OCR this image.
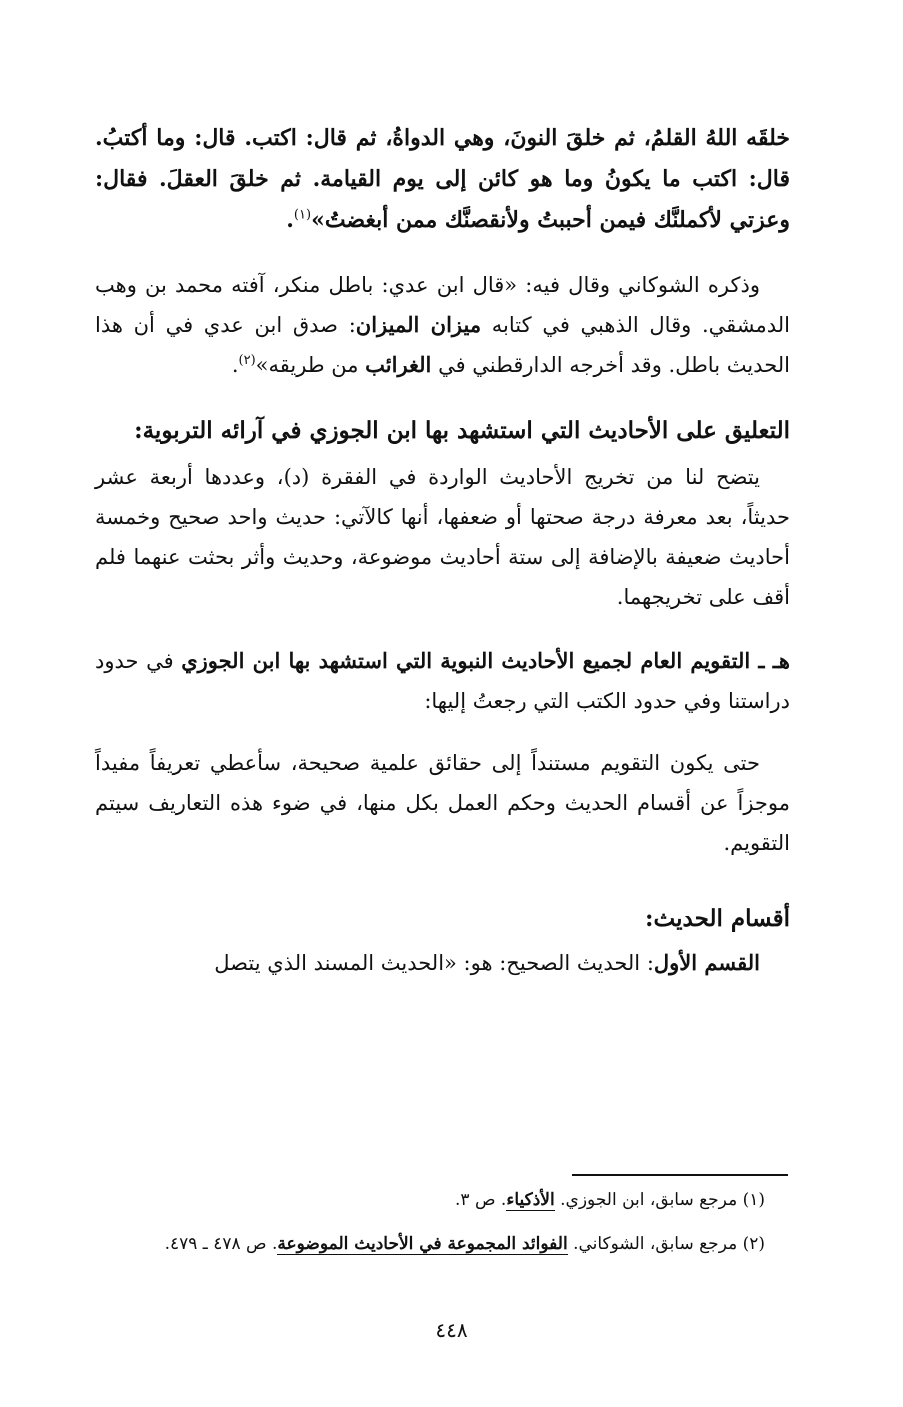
خلقَه اللهُ القلمُ، ثم خلقَ النونَ، وهي الدواةُ، ثم قال: اكتب. قال: وما أكتبُ. قال: اكتب ما يكونُ وما هو كائن إلى يوم القيامة. ثم خلقَ العقلَ. فقال: وعزتي لأكملنَّك فيمن أحببتُ ولأنقصنَّك ممن أبغضتُ»$^{(١)}$.

وذكره الشوكاني وقال فيه: «قال ابن عدي: باطل منكر، آفته محمد بن وهب الدمشقي. وقال الذهبي في كتابه ميزان الميزان: صدق ابن عدي في أن هذا الحديث باطل. وقد أخرجه الدارقطني في الغرائب من طريقه»$^{(٢)}$.

التعليق على الأحاديث التي استشهد بها ابن الجوزي في آرائه التربوية:

يتضح لنا من تخريج الأحاديث الواردة في الفقرة (د)، وعددها أربعة عشر حديثاً، بعد معرفة درجة صحتها أو ضعفها، أنها كالآتي: حديث واحد صحيح وخمسة أحاديث ضعيفة بالإضافة إلى ستة أحاديث موضوعة، وحديث وأثر بحثت عنهما فلم أقف على تخريجهما.

هـ ـ التقويم العام لجميع الأحاديث النبوية التي استشهد بها ابن الجوزي في حدود دراستنا وفي حدود الكتب التي رجعتُ إليها:

حتى يكون التقويم مستنداً إلى حقائق علمية صحيحة، سأعطي تعريفاً مفيداً موجزاً عن أقسام الحديث وحكم العمل بكل منها، في ضوء هذه التعاريف سيتم التقويم.

أقسام الحديث:

القسم الأول: الحديث الصحيح: هو: «الحديث المسند الذي يتصل

(١) مرجع سابق، ابن الجوزي. الأذكياء. ص ٣.

(٢) مرجع سابق، الشوكاني. الفوائد المجموعة في الأحاديث الموضوعة. ص ٤٧٨ ـ ٤٧٩.

٤٤٨
